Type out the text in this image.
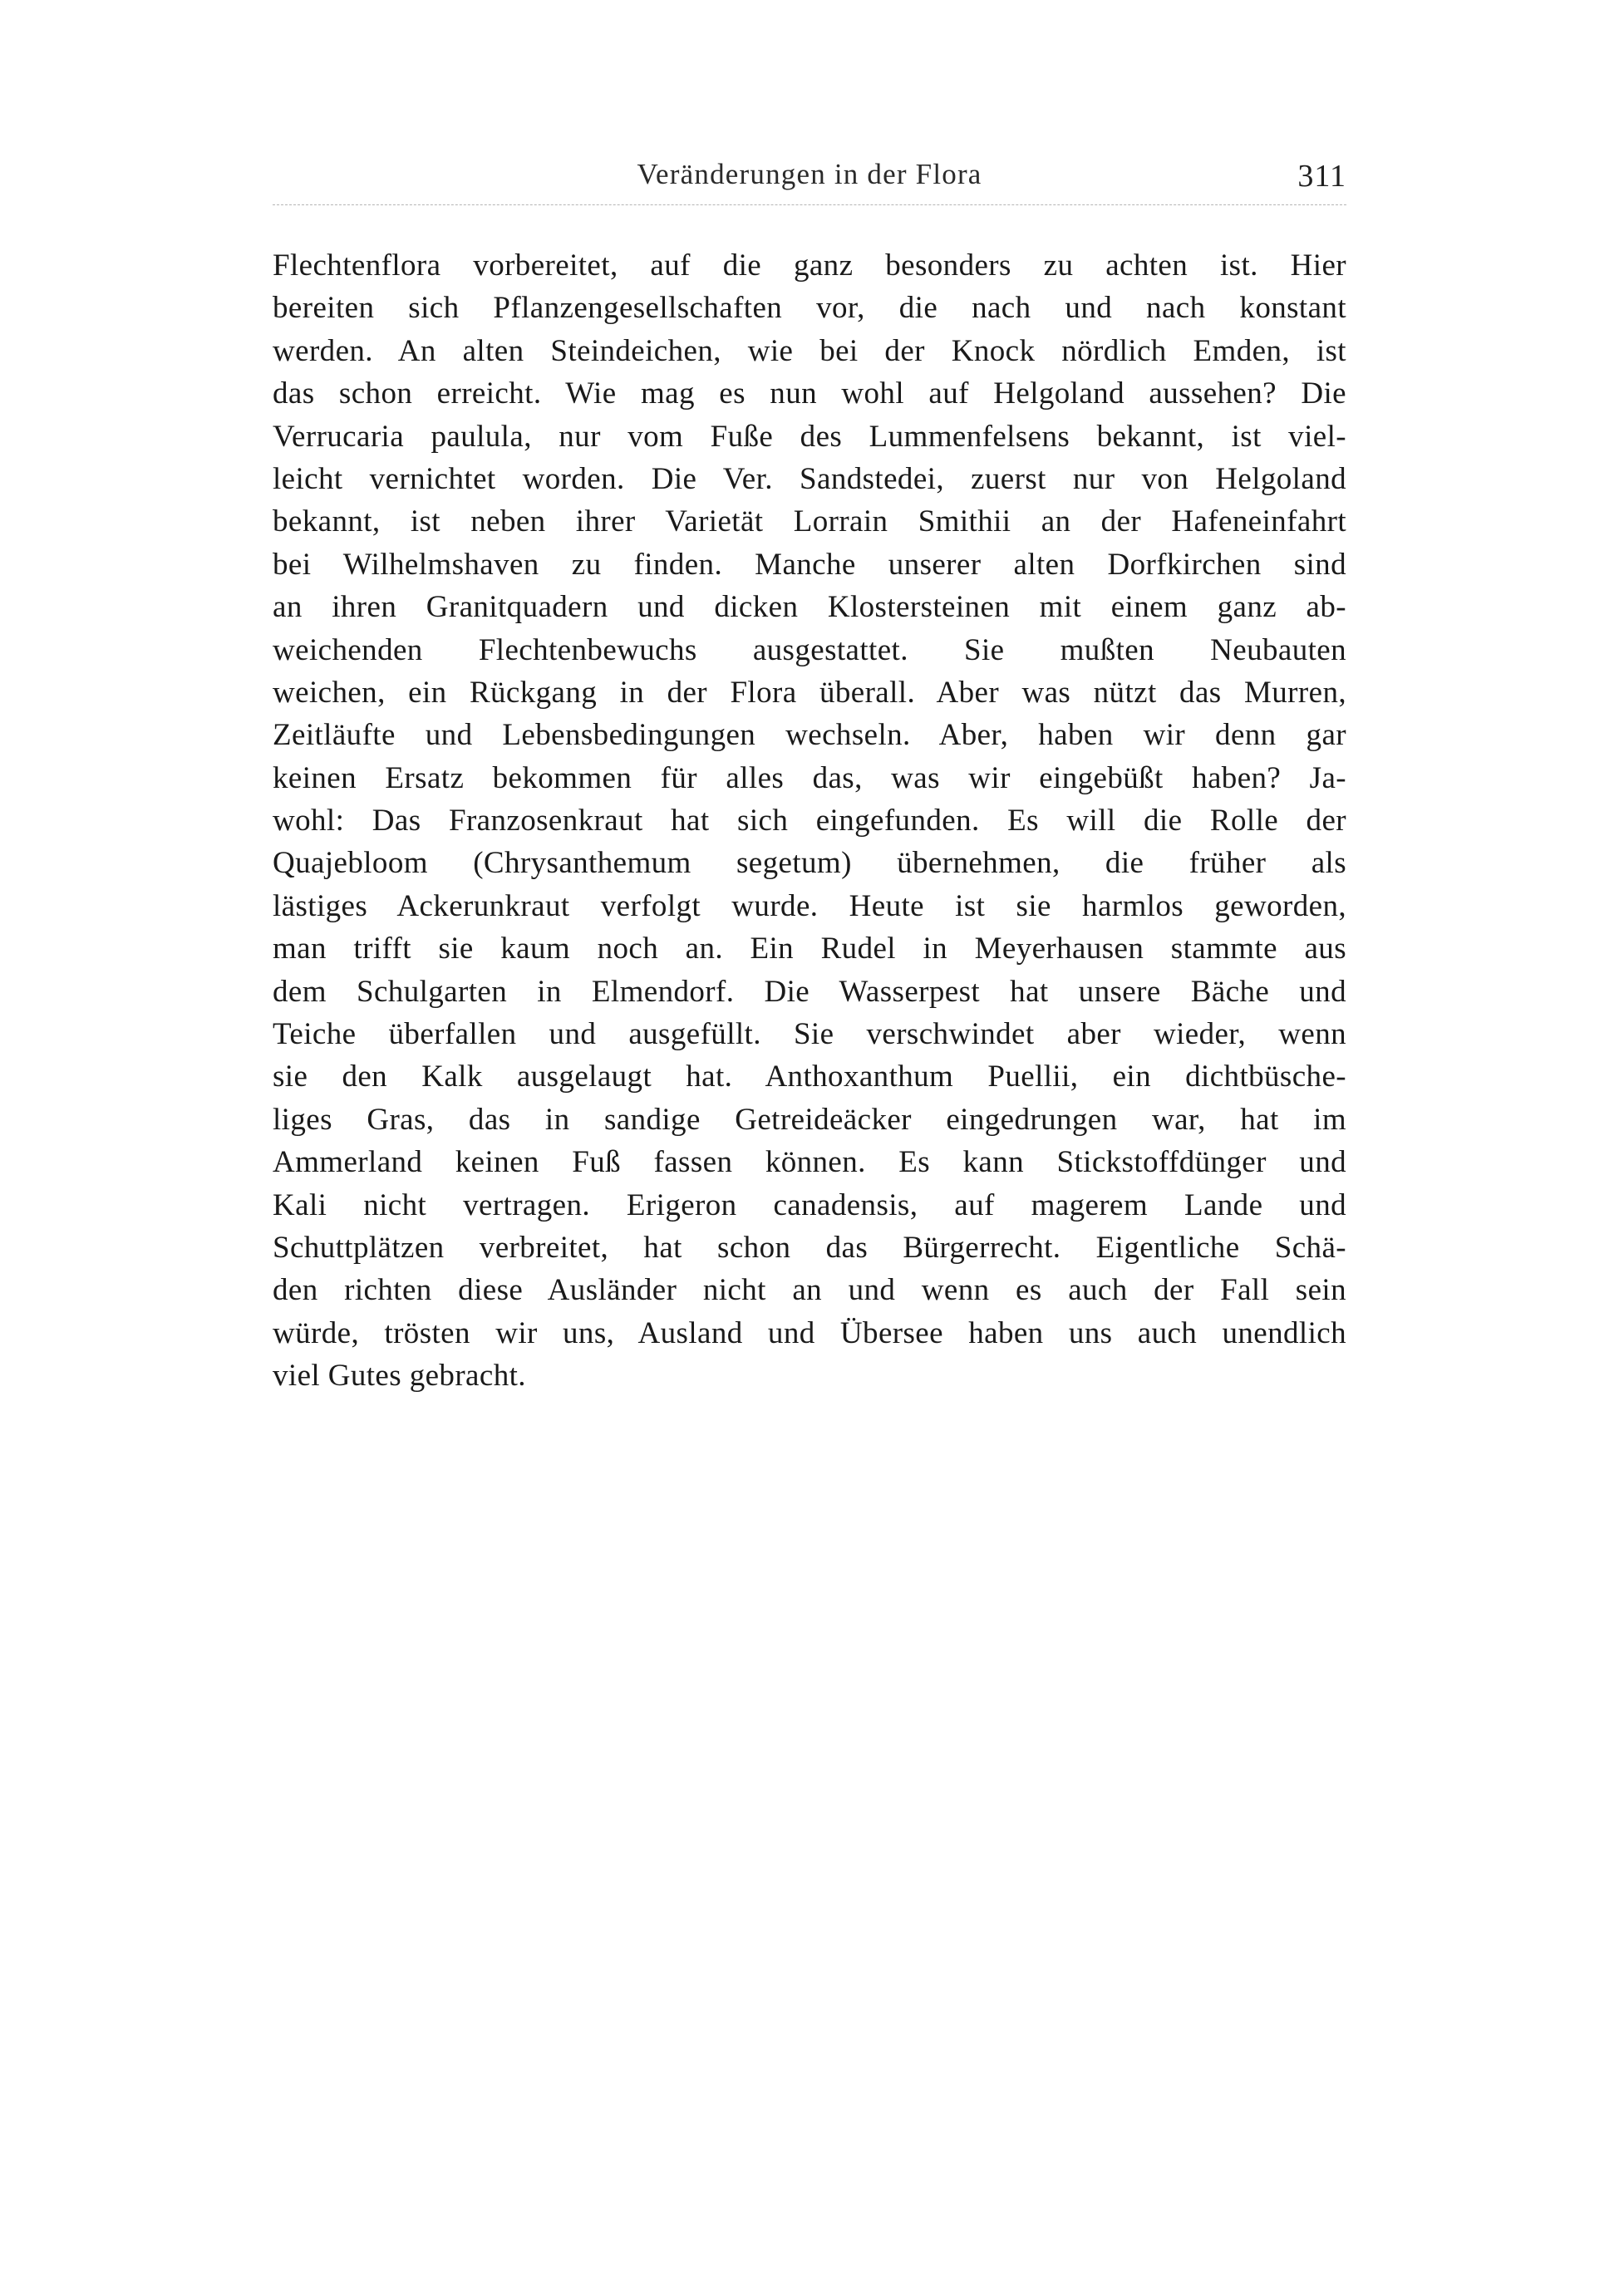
Veränderungen in der Flora	311
Flechtenflora vorbereitet, auf die ganz besonders zu achten ist. Hier
bereiten sich Pflanzengesellschaften vor, die nach und nach konstant
werden. An alten Steindeichen, wie bei der Knock nördlich Emden, ist
das schon erreicht. Wie mag es nun wohl auf Helgoland aussehen? Die
Verrucaria paulula, nur vom Fuße des Lummenfelsens bekannt, ist viel-
leicht vernichtet worden. Die Ver. Sandstedei, zuerst nur von Helgoland
bekannt, ist neben ihrer Varietät Lorrain Smithii an der Hafeneinfahrt
bei Wilhelmshaven zu finden. Manche unserer alten Dorfkirchen sind
an ihren Granitquadern und dicken Klostersteinen mit einem ganz ab-
weichenden Flechtenbewuchs ausgestattet. Sie mußten Neubauten
weichen, ein Rückgang in der Flora überall. Aber was nützt das Murren,
Zeitläufte und Lebensbedingungen wechseln. Aber, haben wir denn gar
keinen Ersatz bekommen für alles das, was wir eingebüßt haben? Ja-
wohl: Das Franzosenkraut hat sich eingefunden. Es will die Rolle der
Quajebloom (Chrysanthemum segetum) übernehmen, die früher als
lästiges Ackerunkraut verfolgt wurde. Heute ist sie harmlos geworden,
man trifft sie kaum noch an. Ein Rudel in Meyerhausen stammte aus
dem Schulgarten in Elmendorf. Die Wasserpest hat unsere Bäche und
Teiche überfallen und ausgefüllt. Sie verschwindet aber wieder, wenn
sie den Kalk ausgelaugt hat. Anthoxanthum Puellii, ein dichtbüsche-
liges Gras, das in sandige Getreideäcker eingedrungen war, hat im
Ammerland keinen Fuß fassen können. Es kann Stickstoffdünger und
Kali nicht vertragen. Erigeron canadensis, auf magerem Lande und
Schuttplätzen verbreitet, hat schon das Bürgerrecht. Eigentliche Schä-
den richten diese Ausländer nicht an und wenn es auch der Fall sein
würde, trösten wir uns, Ausland und Übersee haben uns auch unendlich
viel Gutes gebracht.
